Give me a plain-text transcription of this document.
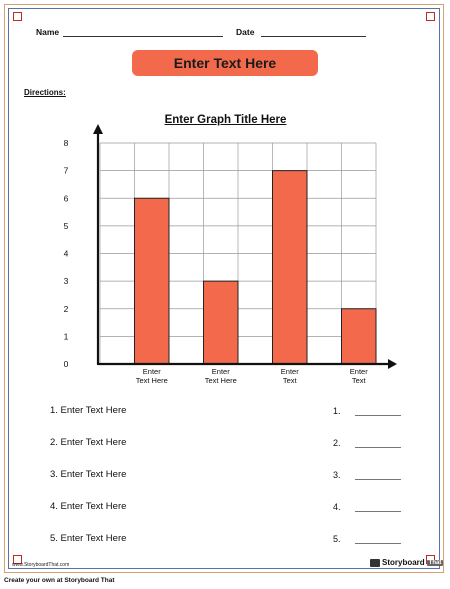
Name	Date
Enter Text Here
Directions:
Enter Graph Title Here
Enter
Text Here
Enter
Text Here
Enter
Text
Enter
Text
0
1
2
3
4
5
6
7
8
1. Enter Text Here	1.
2. Enter Text Here	2.
3. Enter Text Here	3.
4. Enter Text Here	4.
5. Enter Text Here	5.
Storyboard That
www.StoryboardThat.com
Create your own at Storyboard That
